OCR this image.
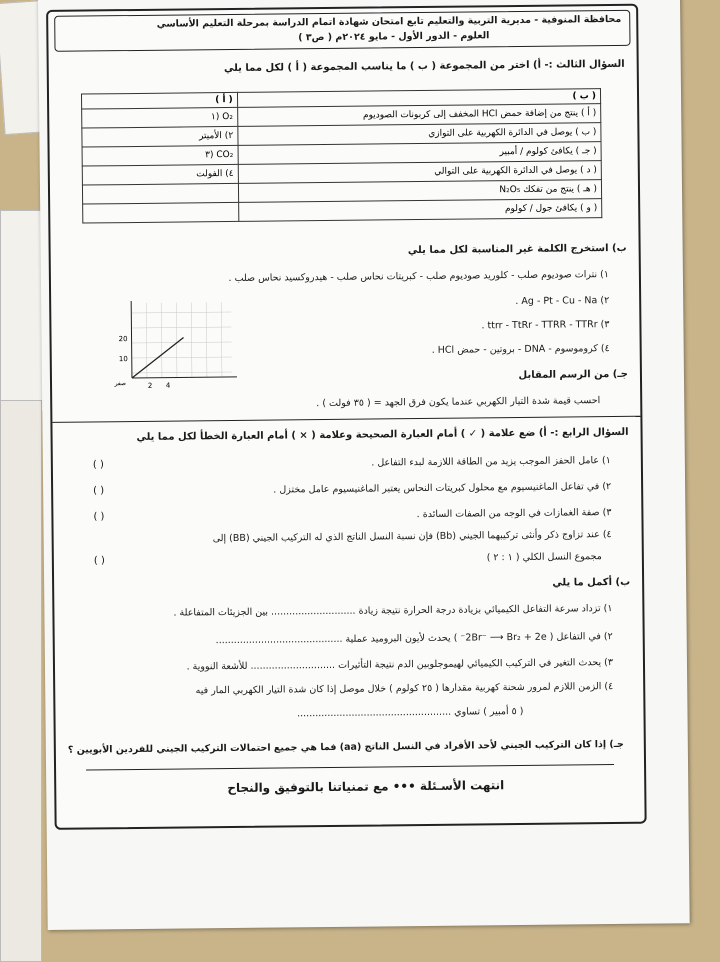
محافظة المنوفية - مديرية التربية والتعليم تابع امتحان شهادة اتمام الدراسة بمرحلة التعليم الأساسي
العلوم - الدور الأول - مايو ٢٠٢٤م ( ص٣ )
السؤال الثالث :- أ) اختر من المجموعة ( ب ) ما يناسب المجموعة ( أ ) لكل مما يلي
( ب )	( أ )
( أ ) ينتج من إضافة حمض HCl المخفف إلى كربونات الصوديوم	O₂ (١
( ب ) يوصل في الدائرة الكهربية على التوازي	٢) الأميتر
( جـ ) يكافئ كولوم / أمبير	CO₂ (٣
( د ) يوصل في الدائرة الكهربية على التوالي	٤) الفولت
( هـ ) ينتج من تفكك N₂O₅	
( و ) يكافئ جول / كولوم	
ب) استخرج الكلمة غير المناسبة لكل مما يلي
١) نترات صوديوم صلب - كلوريد صوديوم صلب - كبريتات نحاس صلب - هيدروكسيد نحاس صلب .
٢) Ag - Pt - Cu - Na .
٣) ttrr - TtRr - TTRR - TTRr .
٤) كروموسوم - DNA - بروتين - حمض HCl .
جـ) من الرسم المقابل
احسب قيمة شدة التيار الكهربي عندما يكون فرق الجهد = ( ٣٥ فولت ) .
20
10
2 4
صفر
السؤال الرابع :- أ) ضع علامة ( ✓ ) أمام العبارة الصحيحة وعلامة ( × ) أمام العبارة الخطأ لكل مما يلي
١) عامل الحفز الموجب يزيد من الطاقة اللازمة لبدء التفاعل .
( )
٢) في تفاعل الماغنيسيوم مع محلول كبريتات النحاس يعتبر الماغنيسيوم عامل مختزل .
( )
٣) صفة الغمازات في الوجه من الصفات السائدة .
( )
٤) عند تزاوج ذكر وأنثى تركيبهما الجيني (Bb) فإن نسبة النسل الناتج الذي له التركيب الجيني (BB) إلى
مجموع النسل الكلي ( ١ : ٢ )
( )
ب) أكمل ما يلي
١) تزداد سرعة التفاعل الكيميائي بزيادة درجة الحرارة نتيجة زيادة ............................ بين الجزيئات المتفاعلة .
٢) في التفاعل ( 2Br⁻ ⟶ Br₂ + 2e⁻ ) يحدث لأيون البروميد عملية ..........................................
٣) يحدث التغير في التركيب الكيميائي لهيموجلوبين الدم نتيجة التأثيرات ............................ للأشعة النووية .
٤) الزمن اللازم لمرور شحنة كهربية مقدارها ( ٢٥ كولوم ) خلال موصل إذا كان شدة التيار الكهربي المار فيه
( ٥ أمبير ) تساوي ...................................................
جـ) إذا كان التركيب الجيني لأحد الأفراد في النسل الناتج (aa) فما هي جميع احتمالات التركيب الجيني للفردين الأبويين ؟
انتهت الأسـئلة ••• مع تمنياتنا بالتوفيق والنجاح
